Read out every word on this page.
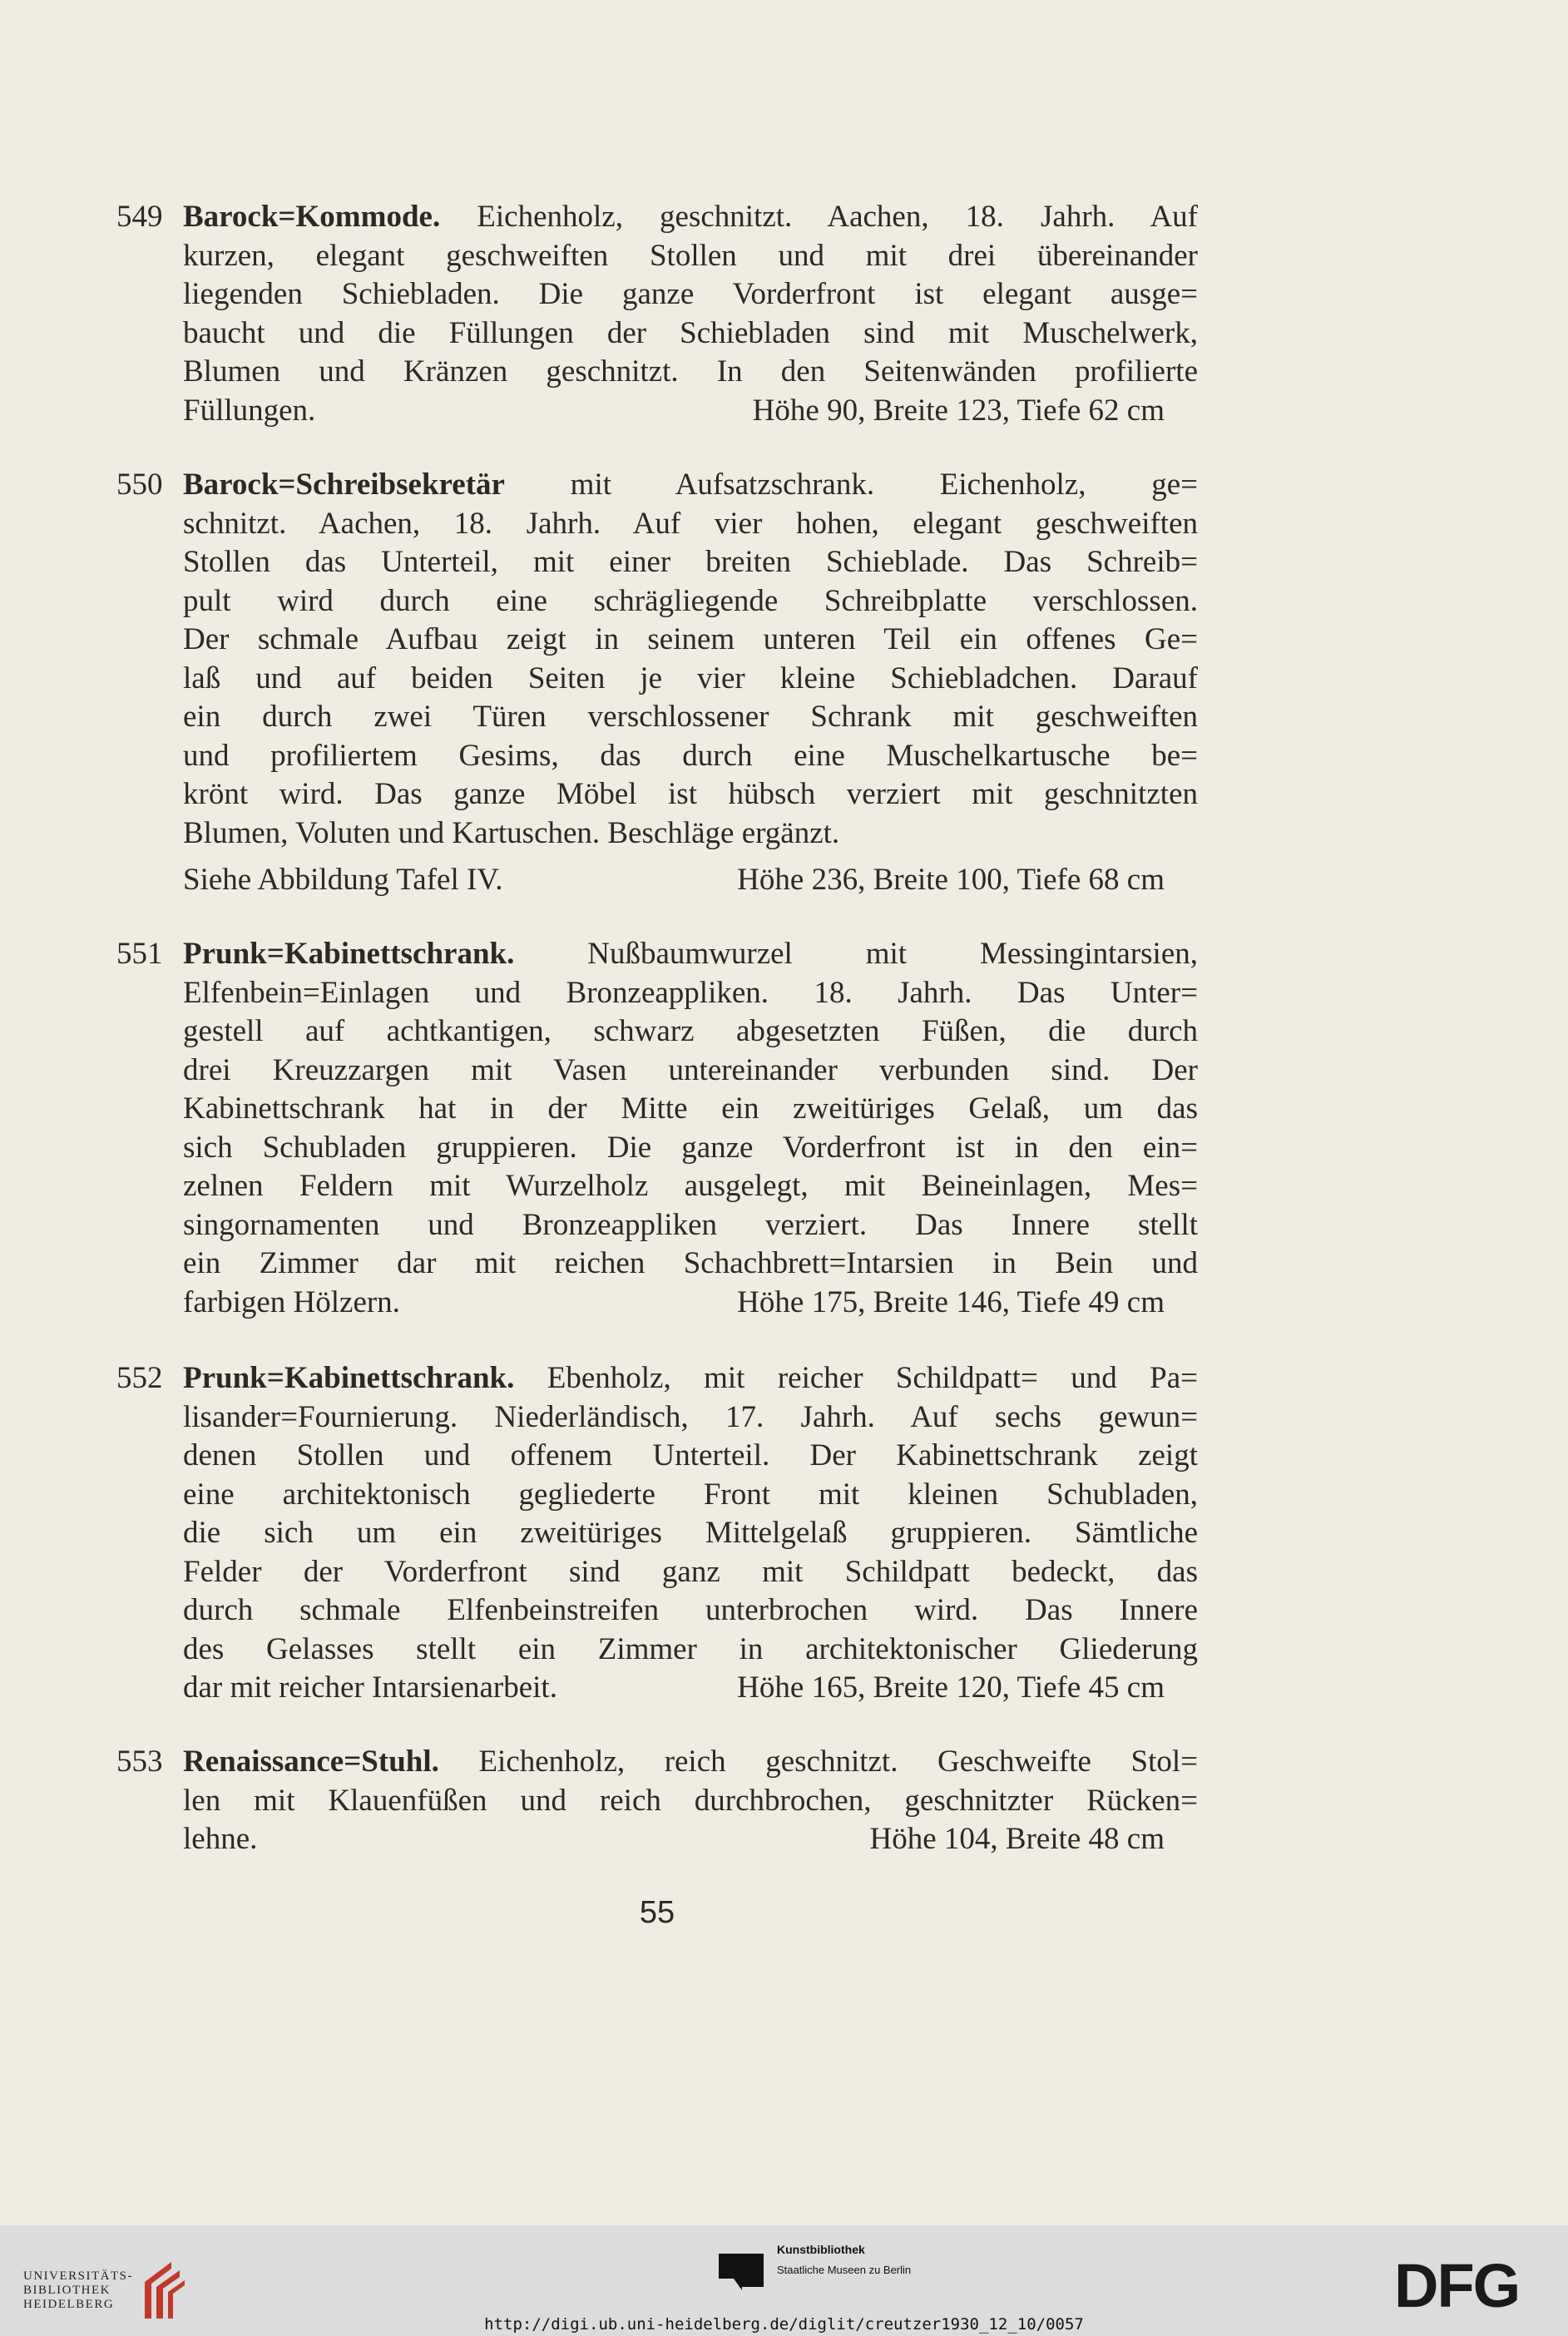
549 Barock=Kommode. Eichenholz, geschnitzt. Aachen, 18. Jahrh. Auf
kurzen, elegant geschweiften Stollen und mit drei übereinander
liegenden Schiebladen. Die ganze Vorderfront ist elegant ausge=
baucht und die Füllungen der Schiebladen sind mit Muschelwerk,
Blumen und Kränzen geschnitzt. In den Seitenwänden profilierte
Füllungen.	Höhe 90, Breite 123, Tiefe 62 cm
550 Barock=Schreibsekretär mit Aufsatzschrank. Eichenholz, ge=
schnitzt. Aachen, 18. Jahrh. Auf vier hohen, elegant geschweiften
Stollen das Unterteil, mit einer breiten Schieblade. Das Schreib=
pult wird durch eine schrägliegende Schreibplatte verschlossen.
Der schmale Aufbau zeigt in seinem unteren Teil ein offenes Ge=
laß und auf beiden Seiten je vier kleine Schiebladchen. Darauf
ein durch zwei Türen verschlossener Schrank mit geschweiften
und profiliertem Gesims, das durch eine Muschelkartusche be=
krönt wird. Das ganze Möbel ist hübsch verziert mit geschnitzten
Blumen, Voluten und Kartuschen. Beschläge ergänzt.
Siehe Abbildung Tafel IV.	Höhe 236, Breite 100, Tiefe 68 cm
551 Prunk=Kabinettschrank. Nußbaumwurzel mit Messingintarsien,
Elfenbein=Einlagen und Bronzeappliken. 18. Jahrh. Das Unter=
gestell auf achtkantigen, schwarz abgesetzten Füßen, die durch
drei Kreuzzargen mit Vasen untereinander verbunden sind. Der
Kabinettschrank hat in der Mitte ein zweitüriges Gelaß, um das
sich Schubladen gruppieren. Die ganze Vorderfront ist in den ein=
zelnen Feldern mit Wurzelholz ausgelegt, mit Beineinlagen, Mes=
singornamenten und Bronzeappliken verziert. Das Innere stellt
ein Zimmer dar mit reichen Schachbrett=Intarsien in Bein und
farbigen Hölzern.	Höhe 175, Breite 146, Tiefe 49 cm
552 Prunk=Kabinettschrank. Ebenholz, mit reicher Schildpatt= und Pa=
lisander=Fournierung. Niederländisch, 17. Jahrh. Auf sechs gewun=
denen Stollen und offenem Unterteil. Der Kabinettschrank zeigt
eine architektonisch gegliederte Front mit kleinen Schubladen,
die sich um ein zweitüriges Mittelgelaß gruppieren. Sämtliche
Felder der Vorderfront sind ganz mit Schildpatt bedeckt, das
durch schmale Elfenbeinstreifen unterbrochen wird. Das Innere
des Gelasses stellt ein Zimmer in architektonischer Gliederung
dar mit reicher Intarsienarbeit.	Höhe 165, Breite 120, Tiefe 45 cm
553 Renaissance=Stuhl. Eichenholz, reich geschnitzt. Geschweifte Stol=
len mit Klauenfüßen und reich durchbrochen, geschnitzter Rücken=
lehne.	Höhe 104, Breite 48 cm
55
UNIVERSITÄTS-
BIBLIOTHEK
HEIDELBERG
Kunstbibliothek
Staatliche Museen zu Berlin	DFG
http://digi.ub.uni-heidelberg.de/diglit/creutzer1930_12_10/0057
